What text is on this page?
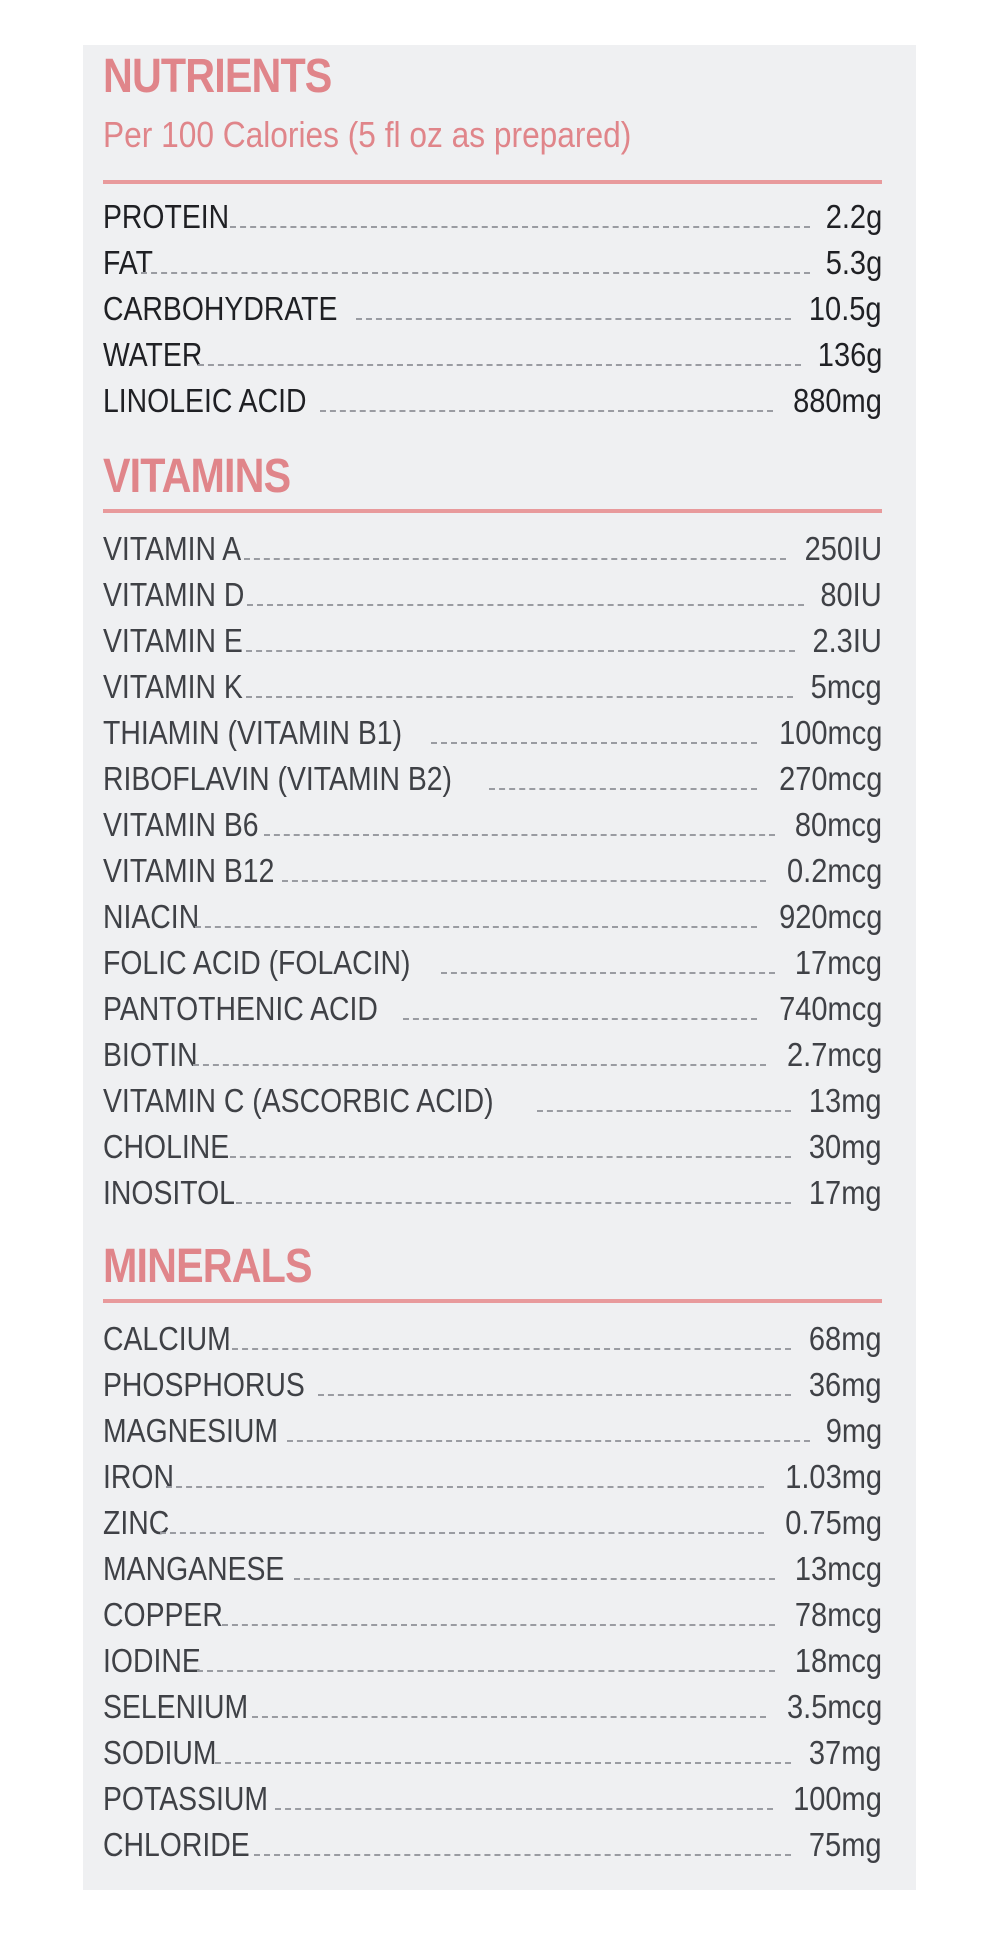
NUTRIENTS
Per 100 Calories (5 fl oz as prepared)
PROTEIN	2.2g
FAT	5.3g
CARBOHYDRATE	10.5g
WATER	136g
LINOLEIC ACID	880mg
VITAMINS
VITAMIN A	250IU
VITAMIN D	80IU
VITAMIN E	2.3IU
VITAMIN K	5mcg
THIAMIN (VITAMIN B1)	100mcg
RIBOFLAVIN (VITAMIN B2)	270mcg
VITAMIN B6	80mcg
VITAMIN B12	0.2mcg
NIACIN	920mcg
FOLIC ACID (FOLACIN)	17mcg
PANTOTHENIC ACID	740mcg
BIOTIN	2.7mcg
VITAMIN C (ASCORBIC ACID)	13mg
CHOLINE	30mg
INOSITOL	17mg
MINERALS
CALCIUM	68mg
PHOSPHORUS	36mg
MAGNESIUM	9mg
IRON	1.03mg
ZINC	0.75mg
MANGANESE	13mcg
COPPER	78mcg
IODINE	18mcg
SELENIUM	3.5mcg
SODIUM	37mg
POTASSIUM	100mg
CHLORIDE	75mg
